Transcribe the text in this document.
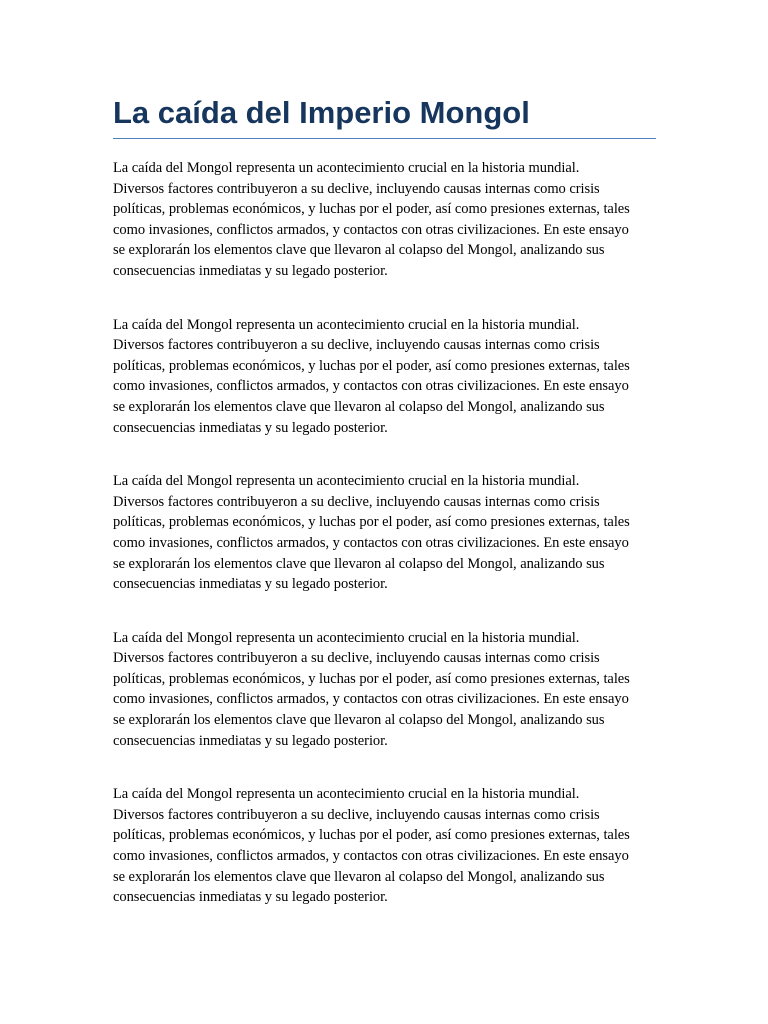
La caída del Imperio Mongol

La caída del Mongol representa un acontecimiento crucial en la historia mundial.
Diversos factores contribuyeron a su declive, incluyendo causas internas como crisis
políticas, problemas económicos, y luchas por el poder, así como presiones externas, tales
como invasiones, conflictos armados, y contactos con otras civilizaciones. En este ensayo
se explorarán los elementos clave que llevaron al colapso del Mongol, analizando sus
consecuencias inmediatas y su legado posterior.

La caída del Mongol representa un acontecimiento crucial en la historia mundial.
Diversos factores contribuyeron a su declive, incluyendo causas internas como crisis
políticas, problemas económicos, y luchas por el poder, así como presiones externas, tales
como invasiones, conflictos armados, y contactos con otras civilizaciones. En este ensayo
se explorarán los elementos clave que llevaron al colapso del Mongol, analizando sus
consecuencias inmediatas y su legado posterior.

La caída del Mongol representa un acontecimiento crucial en la historia mundial.
Diversos factores contribuyeron a su declive, incluyendo causas internas como crisis
políticas, problemas económicos, y luchas por el poder, así como presiones externas, tales
como invasiones, conflictos armados, y contactos con otras civilizaciones. En este ensayo
se explorarán los elementos clave que llevaron al colapso del Mongol, analizando sus
consecuencias inmediatas y su legado posterior.

La caída del Mongol representa un acontecimiento crucial en la historia mundial.
Diversos factores contribuyeron a su declive, incluyendo causas internas como crisis
políticas, problemas económicos, y luchas por el poder, así como presiones externas, tales
como invasiones, conflictos armados, y contactos con otras civilizaciones. En este ensayo
se explorarán los elementos clave que llevaron al colapso del Mongol, analizando sus
consecuencias inmediatas y su legado posterior.

La caída del Mongol representa un acontecimiento crucial en la historia mundial.
Diversos factores contribuyeron a su declive, incluyendo causas internas como crisis
políticas, problemas económicos, y luchas por el poder, así como presiones externas, tales
como invasiones, conflictos armados, y contactos con otras civilizaciones. En este ensayo
se explorarán los elementos clave que llevaron al colapso del Mongol, analizando sus
consecuencias inmediatas y su legado posterior.
